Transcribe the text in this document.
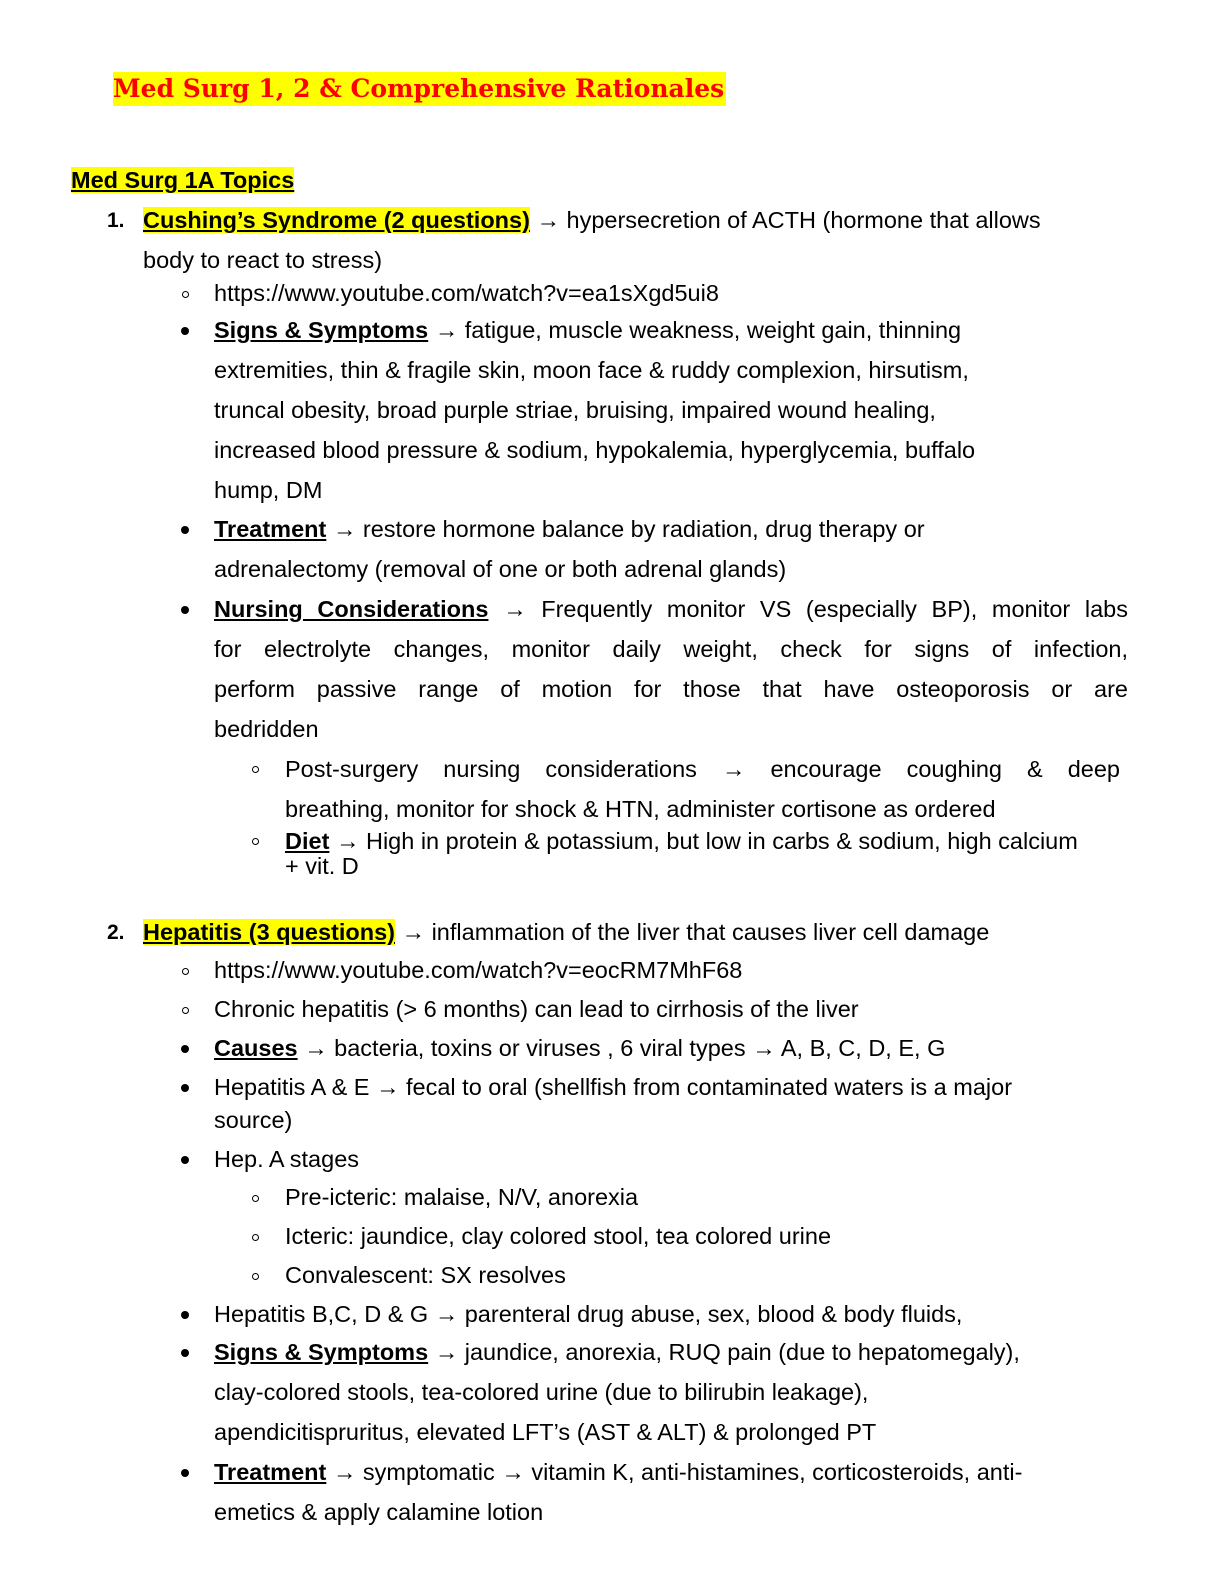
Med Surg 1, 2 & Comprehensive Rationales
Med Surg 1A Topics
1. Cushing’s Syndrome (2 questions) → hypersecretion of ACTH (hormone that allows
body to react to stress)
https://www.youtube.com/watch?v=ea1sXgd5ui8
Signs & Symptoms → fatigue, muscle weakness, weight gain, thinning
extremities, thin & fragile skin, moon face & ruddy complexion, hirsutism,
truncal obesity, broad purple striae, bruising, impaired wound healing,
increased blood pressure & sodium, hypokalemia, hyperglycemia, buffalo
hump, DM
Treatment → restore hormone balance by radiation, drug therapy or
adrenalectomy (removal of one or both adrenal glands)
Nursing Considerations → Frequently monitor VS (especially BP), monitor labs
for electrolyte changes, monitor daily weight, check for signs of infection,
perform passive range of motion for those that have osteoporosis or are
bedridden
Post-surgery nursing considerations → encourage coughing & deep
breathing, monitor for shock & HTN, administer cortisone as ordered
Diet → High in protein & potassium, but low in carbs & sodium, high calcium
+ vit. D
2. Hepatitis (3 questions) → inflammation of the liver that causes liver cell damage
https://www.youtube.com/watch?v=eocRM7MhF68
Chronic hepatitis (> 6 months) can lead to cirrhosis of the liver
Causes → bacteria, toxins or viruses , 6 viral types → A, B, C, D, E, G
Hepatitis A & E → fecal to oral (shellfish from contaminated waters is a major
source)
Hep. A stages
Pre-icteric: malaise, N/V, anorexia
Icteric: jaundice, clay colored stool, tea colored urine
Convalescent: SX resolves
Hepatitis B,C, D & G → parenteral drug abuse, sex, blood & body fluids,
Signs & Symptoms → jaundice, anorexia, RUQ pain (due to hepatomegaly),
clay-colored stools, tea-colored urine (due to bilirubin leakage),
apendicitispruritus, elevated LFT’s (AST & ALT) & prolonged PT
Treatment → symptomatic → vitamin K, anti-histamines, corticosteroids, anti-
emetics & apply calamine lotion
